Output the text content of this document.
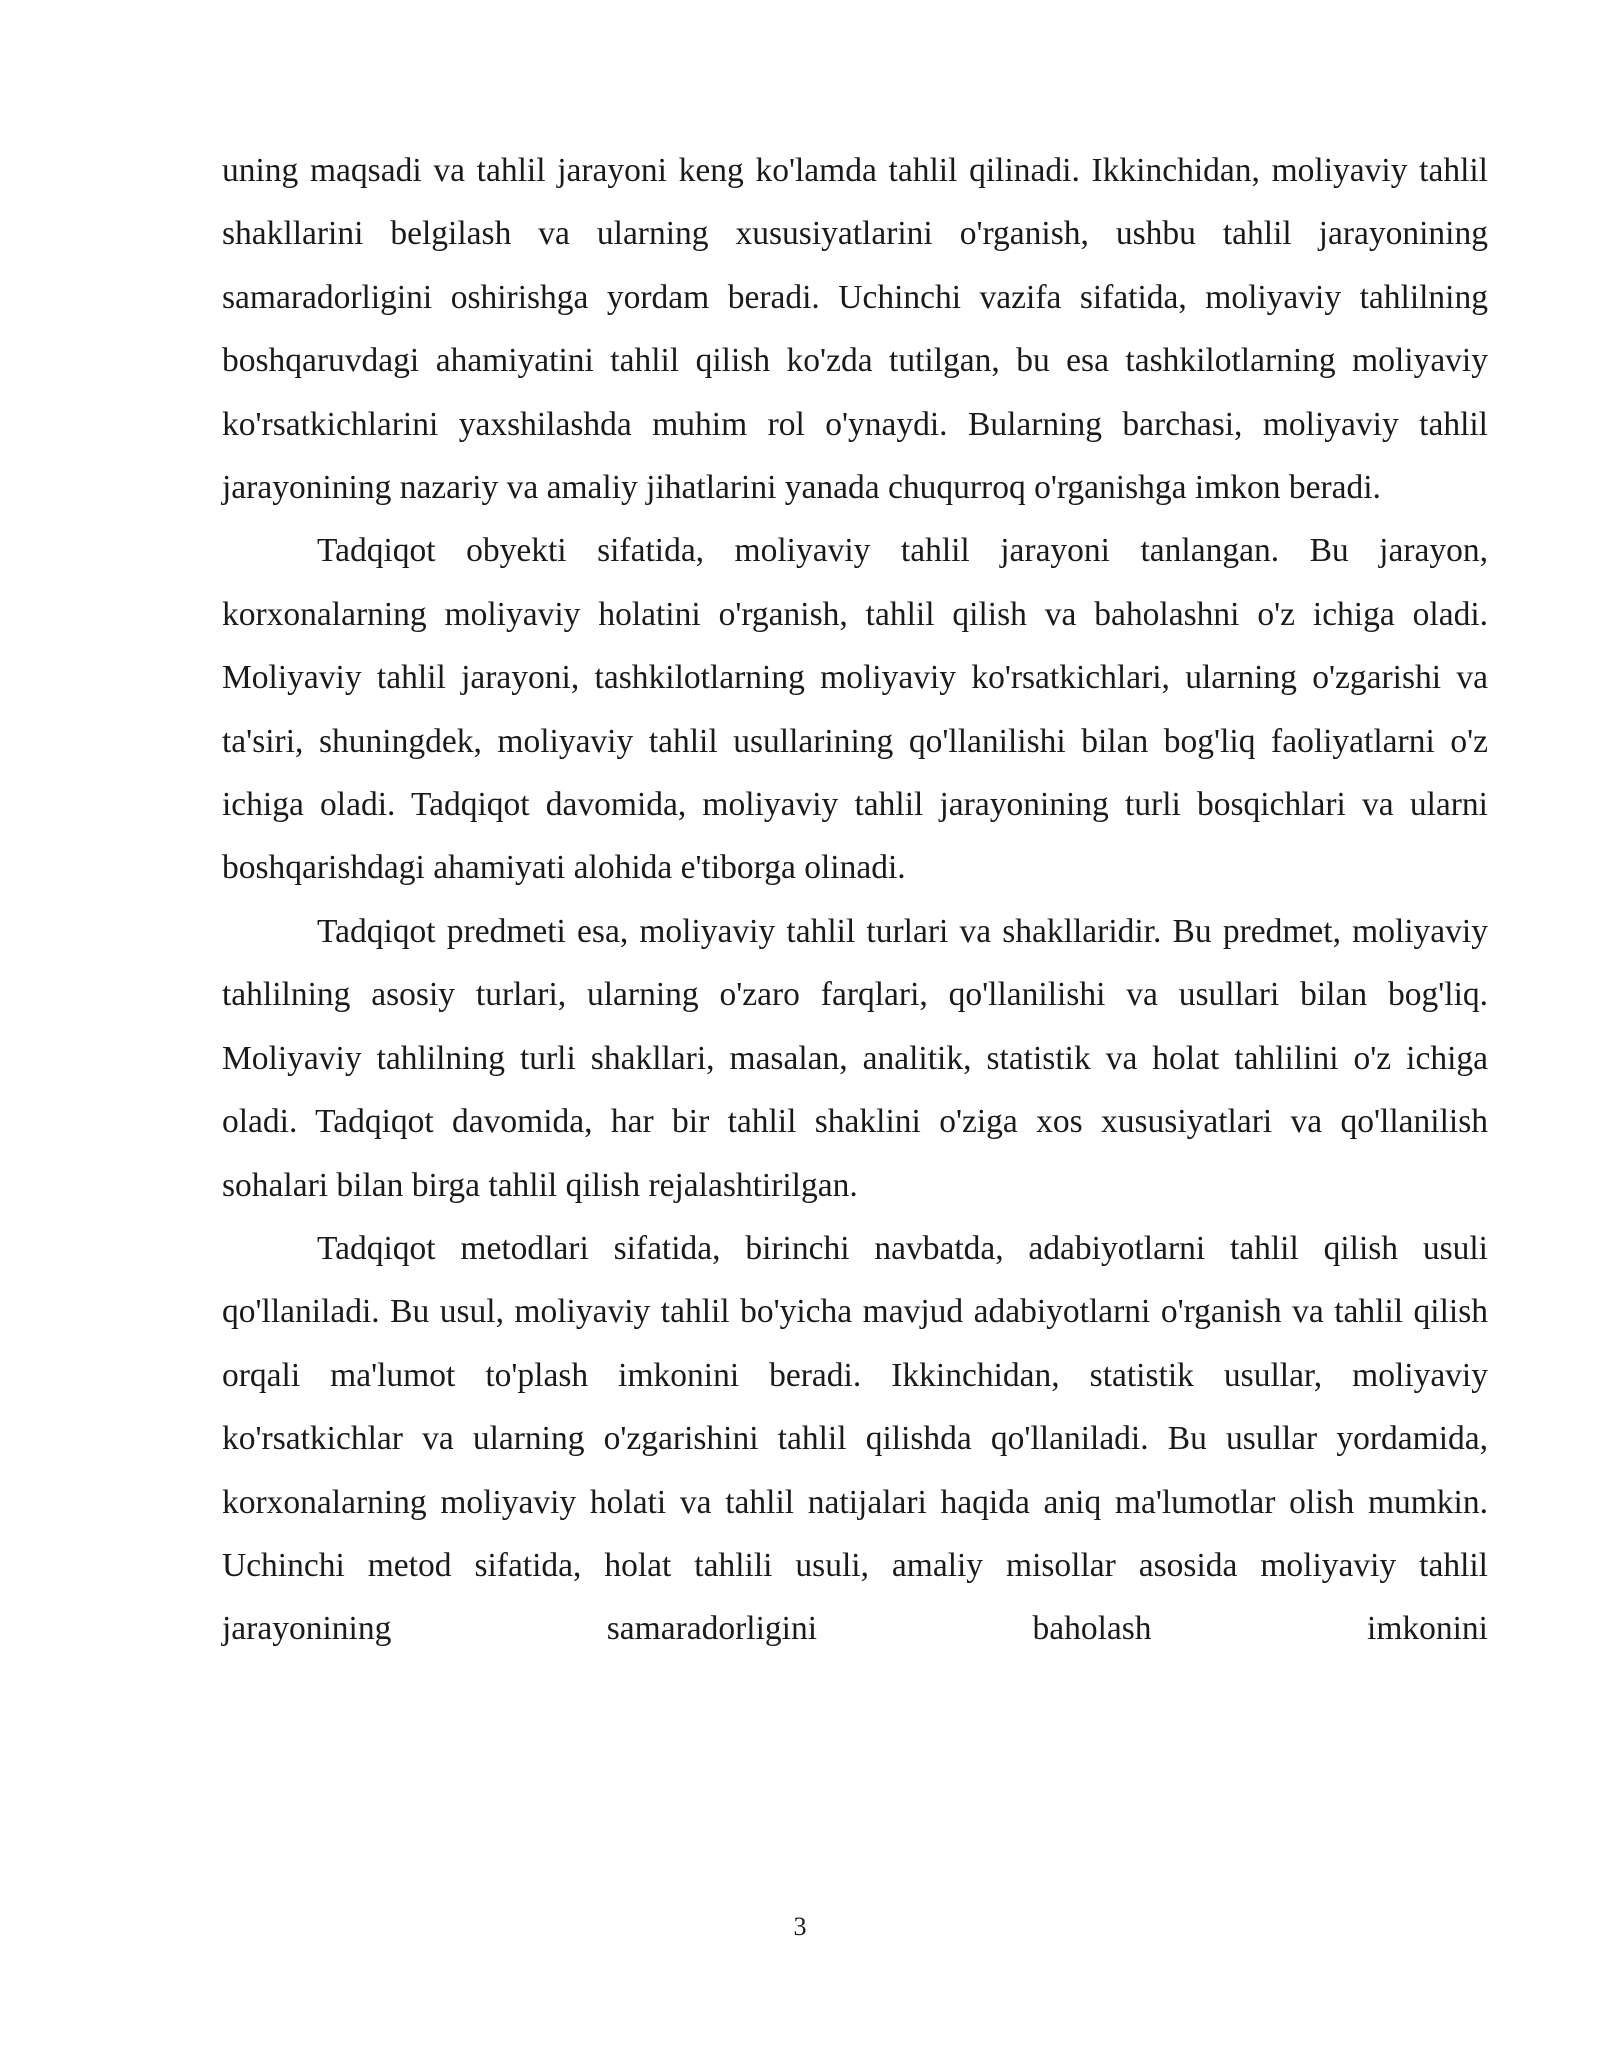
uning maqsadi va tahlil jarayoni keng ko'lamda tahlil qilinadi. Ikkinchidan, moliyaviy tahlil shakllarini belgilash va ularning xususiyatlarini o'rganish, ushbu tahlil jarayonining samaradorligini oshirishga yordam beradi. Uchinchi vazifa sifatida, moliyaviy tahlilning boshqaruvdagi ahamiyatini tahlil qilish ko'zda tutilgan, bu esa tashkilotlarning moliyaviy ko'rsatkichlarini yaxshilashda muhim rol o'ynaydi. Bularning barchasi, moliyaviy tahlil jarayonining nazariy va amaliy jihatlarini yanada chuqurroq o'rganishga imkon beradi.

Tadqiqot obyekti sifatida, moliyaviy tahlil jarayoni tanlangan. Bu jarayon, korxonalarning moliyaviy holatini o'rganish, tahlil qilish va baholashni o'z ichiga oladi. Moliyaviy tahlil jarayoni, tashkilotlarning moliyaviy ko'rsatkichlari, ularning o'zgarishi va ta'siri, shuningdek, moliyaviy tahlil usullarining qo'llanilishi bilan bog'liq faoliyatlarni o'z ichiga oladi. Tadqiqot davomida, moliyaviy tahlil jarayonining turli bosqichlari va ularni boshqarishdagi ahamiyati alohida e'tiborga olinadi.

Tadqiqot predmeti esa, moliyaviy tahlil turlari va shakllaridir. Bu predmet, moliyaviy tahlilning asosiy turlari, ularning o'zaro farqlari, qo'llanilishi va usullari bilan bog'liq. Moliyaviy tahlilning turli shakllari, masalan, analitik, statistik va holat tahlilini o'z ichiga oladi. Tadqiqot davomida, har bir tahlil shaklini o'ziga xos xususiyatlari va qo'llanilish sohalari bilan birga tahlil qilish rejalashtirilgan.

Tadqiqot metodlari sifatida, birinchi navbatda, adabiyotlarni tahlil qilish usuli qo'llaniladi. Bu usul, moliyaviy tahlil bo'yicha mavjud adabiyotlarni o'rganish va tahlil qilish orqali ma'lumot to'plash imkonini beradi. Ikkinchidan, statistik usullar, moliyaviy ko'rsatkichlar va ularning o'zgarishini tahlil qilishda qo'llaniladi. Bu usullar yordamida, korxonalarning moliyaviy holati va tahlil natijalari haqida aniq ma'lumotlar olish mumkin. Uchinchi metod sifatida, holat tahlili usuli, amaliy misollar asosida moliyaviy tahlil jarayonining samaradorligini baholash imkonini

3
